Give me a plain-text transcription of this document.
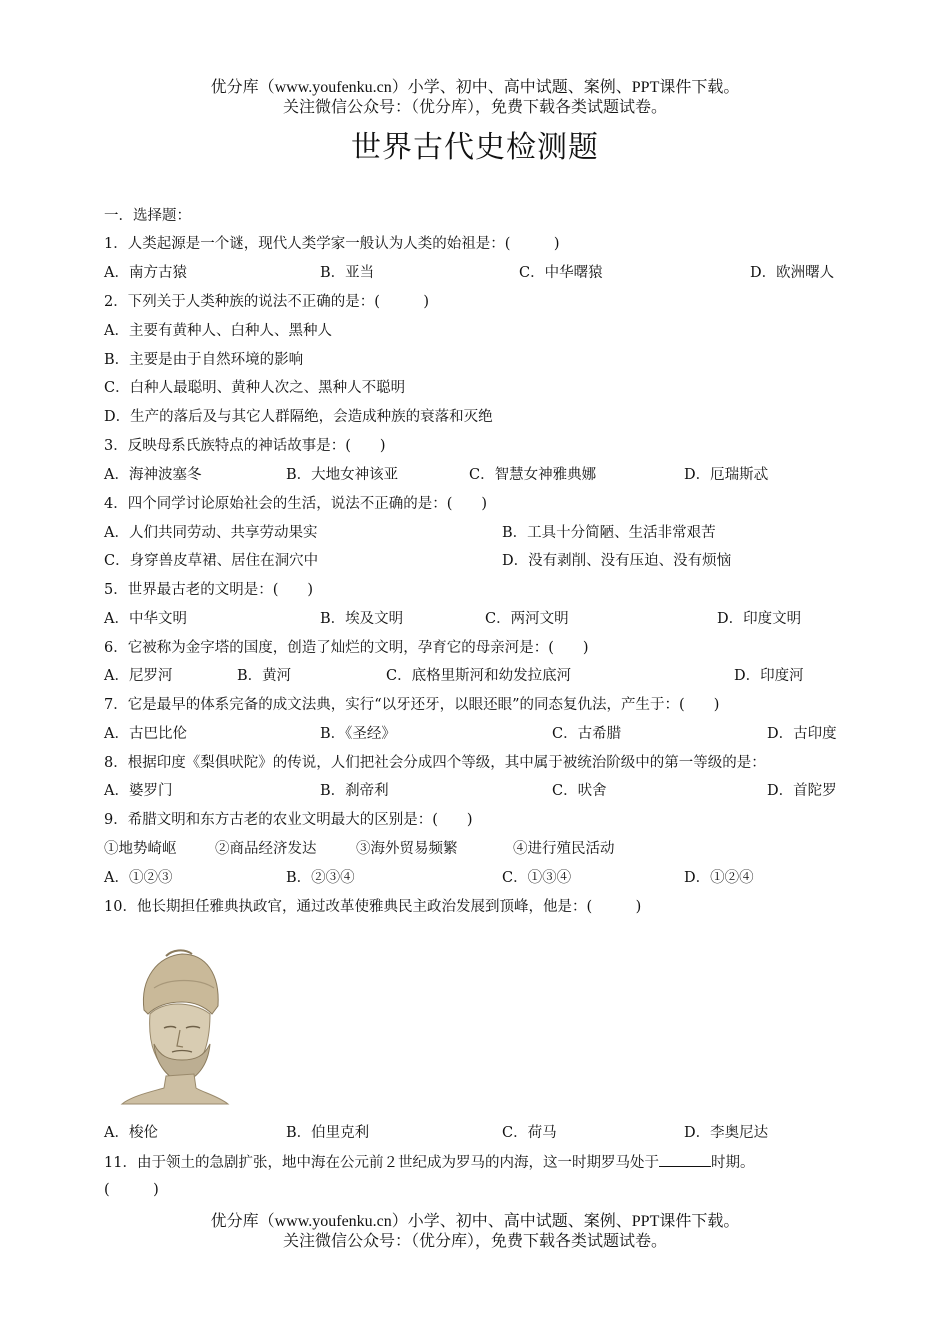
优分库（www.youfenku.cn）小学、初中、高中试题、案例、PPT课件下载。
关注微信公众号：（优分库），免费下载各类试题试卷。
世界古代史检测题
一．选择题：
1．人类起源是一个谜，现代人类学家一般认为人类的始祖是：(　　　)
A．南方古猿	B．亚当	C．中华曙猿	D．欧洲曙人
2．下列关于人类种族的说法不正确的是：(　　　)
A．主要有黄种人、白种人、黑种人
B．主要是由于自然环境的影响
C．白种人最聪明、黄种人次之、黑种人不聪明
D．生产的落后及与其它人群隔绝，会造成种族的衰落和灭绝
3．反映母系氏族特点的神话故事是：(　　)
A．海神波塞冬	B．大地女神该亚	C．智慧女神雅典娜	D．厄瑞斯忒
4．四个同学讨论原始社会的生活，说法不正确的是：(　　)
A．人们共同劳动、共享劳动果实	B．工具十分简陋、生活非常艰苦
C．身穿兽皮草裙、居住在洞穴中	D．没有剥削、没有压迫、没有烦恼
5．世界最古老的文明是：(　　)
A．中华文明	B．埃及文明	C．两河文明	D．印度文明
6．它被称为金字塔的国度，创造了灿烂的文明，孕育它的母亲河是：(　　)
A．尼罗河	B．黄河	C．底格里斯河和幼发拉底河	D．印度河
7．它是最早的体系完备的成文法典，实行“以牙还牙，以眼还眼”的同态复仇法，产生于：(　　)
A．古巴比伦	B．《圣经》	C．古希腊	D．古印度
8．根据印度《梨俱吠陀》的传说，人们把社会分成四个等级，其中属于被统治阶级中的第一等级的是：
A．婆罗门	B．刹帝利	C．吠舍	D．首陀罗
9．希腊文明和东方古老的农业文明最大的区别是：(　　)
①地势崎岖	②商品经济发达	③海外贸易频繁	④进行殖民活动
A．①②③	B．②③④	C．①③④	D．①②④
10．他长期担任雅典执政官，通过改革使雅典民主政治发展到顶峰，他是：(　　　)
A．梭伦	B．伯里克利	C．荷马	D．李奥尼达
11．由于领土的急剧扩张，地中海在公元前２世纪成为罗马的内海，这一时期罗马处于	时期。
(　　　)
优分库（www.youfenku.cn）小学、初中、高中试题、案例、PPT课件下载。
关注微信公众号：（优分库），免费下载各类试题试卷。
